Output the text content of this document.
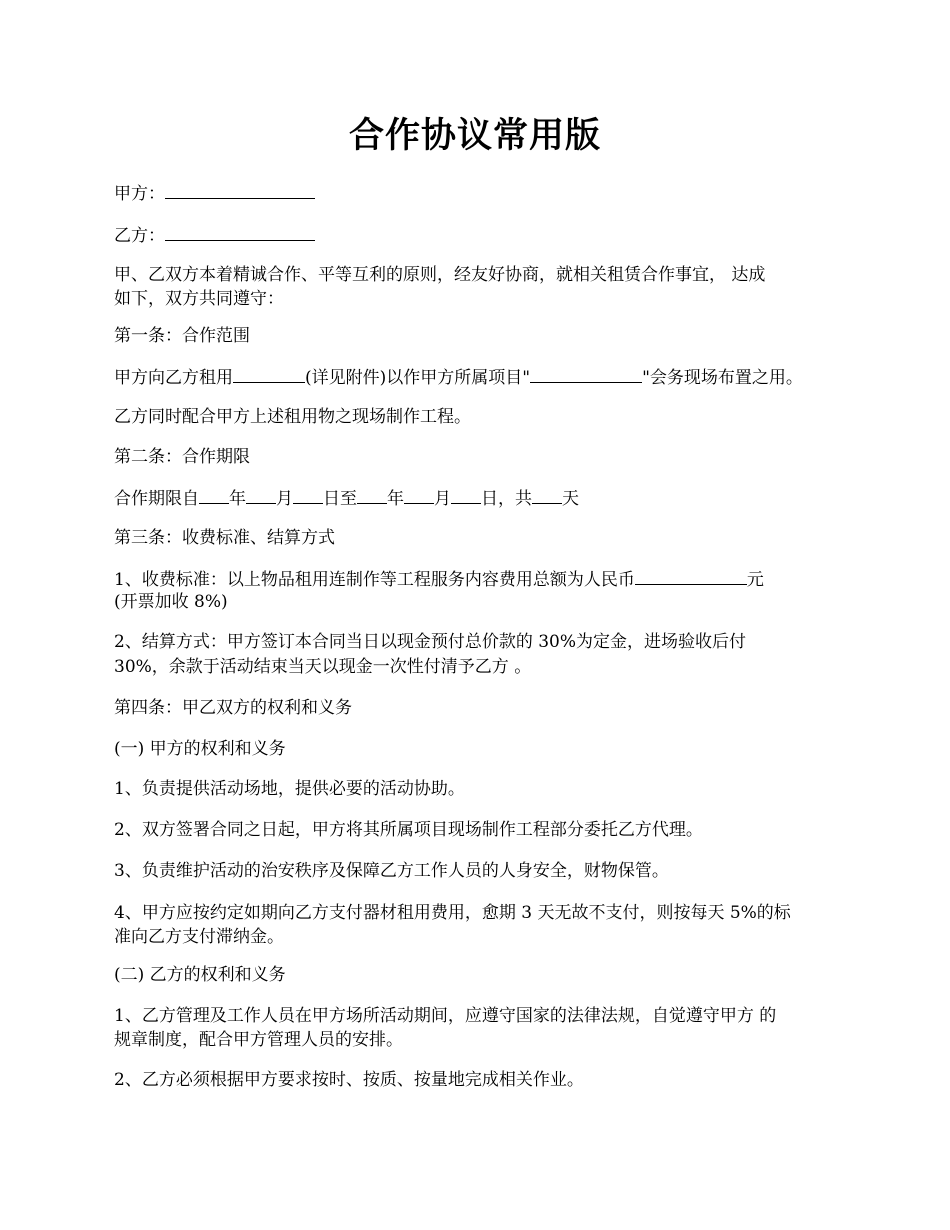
合作协议常用版
甲方：
乙方：
甲、乙双方本着精诚合作、平等互利的原则，经友好协商，就相关租赁合作事宜， 达成
如下，双方共同遵守：
第一条：合作范围
甲方向乙方租用	(详见附件)以作甲方所属项目"	"会务现场布置之用。
乙方同时配合甲方上述租用物之现场制作工程。
第二条：合作期限
合作期限自 年 月 日至 年 月 日，共 天
第三条：收费标准、结算方式
1、收费标准：以上物品租用连制作等工程服务内容费用总额为人民币	元
(开票加收 8%)
2、结算方式：甲方签订本合同当日以现金预付总价款的 30%为定金，进场验收后付
30%，余款于活动结束当天以现金一次性付清予乙方 。
第四条：甲乙双方的权利和义务
(一) 甲方的权利和义务
1、负责提供活动场地，提供必要的活动协助。
2、双方签署合同之日起，甲方将其所属项目现场制作工程部分委托乙方代理。
3、负责维护活动的治安秩序及保障乙方工作人员的人身安全，财物保管。
4、甲方应按约定如期向乙方支付器材租用费用，愈期 3 天无故不支付，则按每天 5%的标
准向乙方支付滞纳金。
(二) 乙方的权利和义务
1、乙方管理及工作人员在甲方场所活动期间，应遵守国家的法律法规，自觉遵守甲方 的
规章制度，配合甲方管理人员的安排。
2、乙方必须根据甲方要求按时、按质、按量地完成相关作业。
